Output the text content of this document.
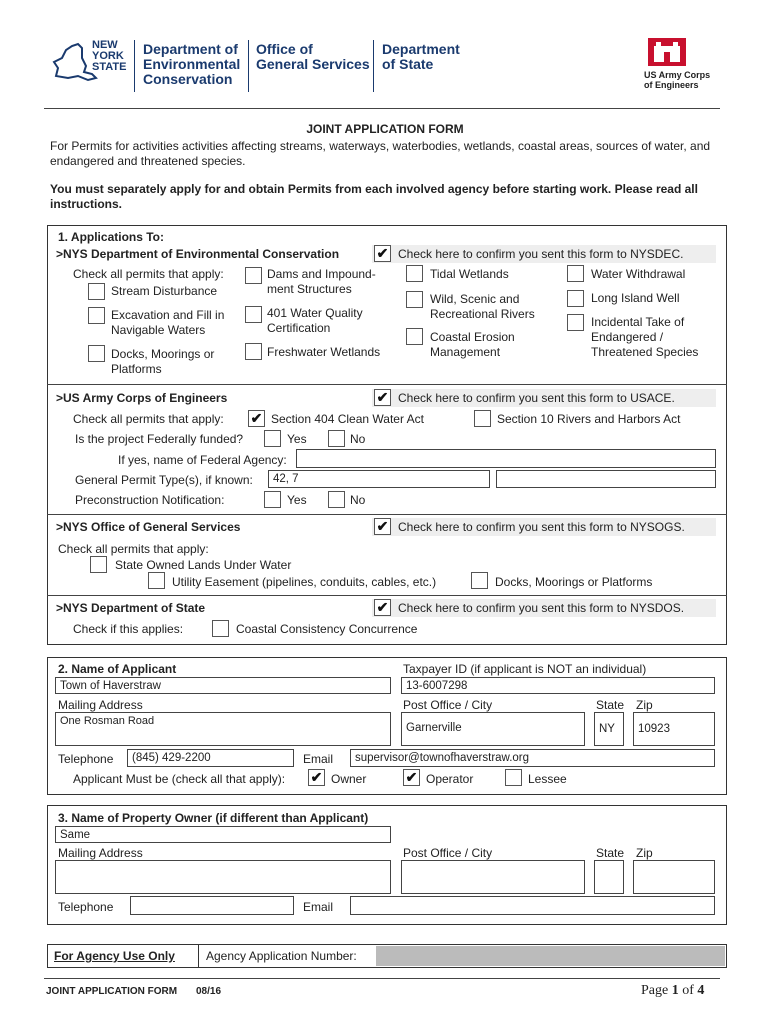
NEW
YORK
STATE
Department of
Environmental
Conservation
Office of
General Services
Department
of State
US Army Corps
of Engineers
JOINT APPLICATION FORM
For Permits for activities activities affecting streams, waterways, waterbodies, wetlands, coastal areas, sources of water, and endangered and threatened species.
You must separately apply for and obtain Permits from each involved agency before starting work. Please read all instructions.
1. Applications To:
>NYS Department of Environmental Conservation	✔ Check here to confirm you sent this form to NYSDEC.
Check all permits that apply:
Stream Disturbance
Excavation and Fill in Navigable Waters
Docks, Moorings or Platforms
Dams and Impound-ment Structures
401 Water Quality Certification
Freshwater Wetlands
Tidal Wetlands
Wild, Scenic and Recreational Rivers
Coastal Erosion Management
Water Withdrawal
Long Island Well
Incidental Take of Endangered / Threatened Species
>US Army Corps of Engineers	✔ Check here to confirm you sent this form to USACE.
Check all permits that apply: ✔ Section 404 Clean Water Act	Section 10 Rivers and Harbors Act
Is the project Federally funded?	Yes	No
If yes, name of Federal Agency:
General Permit Type(s), if known:	42, 7
Preconstruction Notification:	Yes	No
>NYS Office of General Services	✔ Check here to confirm you sent this form to NYSOGS.
Check all permits that apply:
State Owned Lands Under Water
Utility Easement (pipelines, conduits, cables, etc.)	Docks, Moorings or Platforms
>NYS Department of State	✔ Check here to confirm you sent this form to NYSDOS.
Check if this applies:	Coastal Consistency Concurrence
2. Name of Applicant
Town of Haverstraw
Taxpayer ID (if applicant is NOT an individual)
13-6007298
Mailing Address
One Rosman Road
Post Office / City
Garnerville
State Zip
NY	10923
Telephone	(845) 429-2200	Email	supervisor@townofhaverstraw.org
Applicant Must be (check all that apply): ✔ Owner	✔ Operator	Lessee
3. Name of Property Owner (if different than Applicant)
Same
Mailing Address	Post Office / City	State Zip
Telephone	Email
For Agency Use Only	Agency Application Number:
JOINT APPLICATION FORM 08/16	Page 1 of 4
